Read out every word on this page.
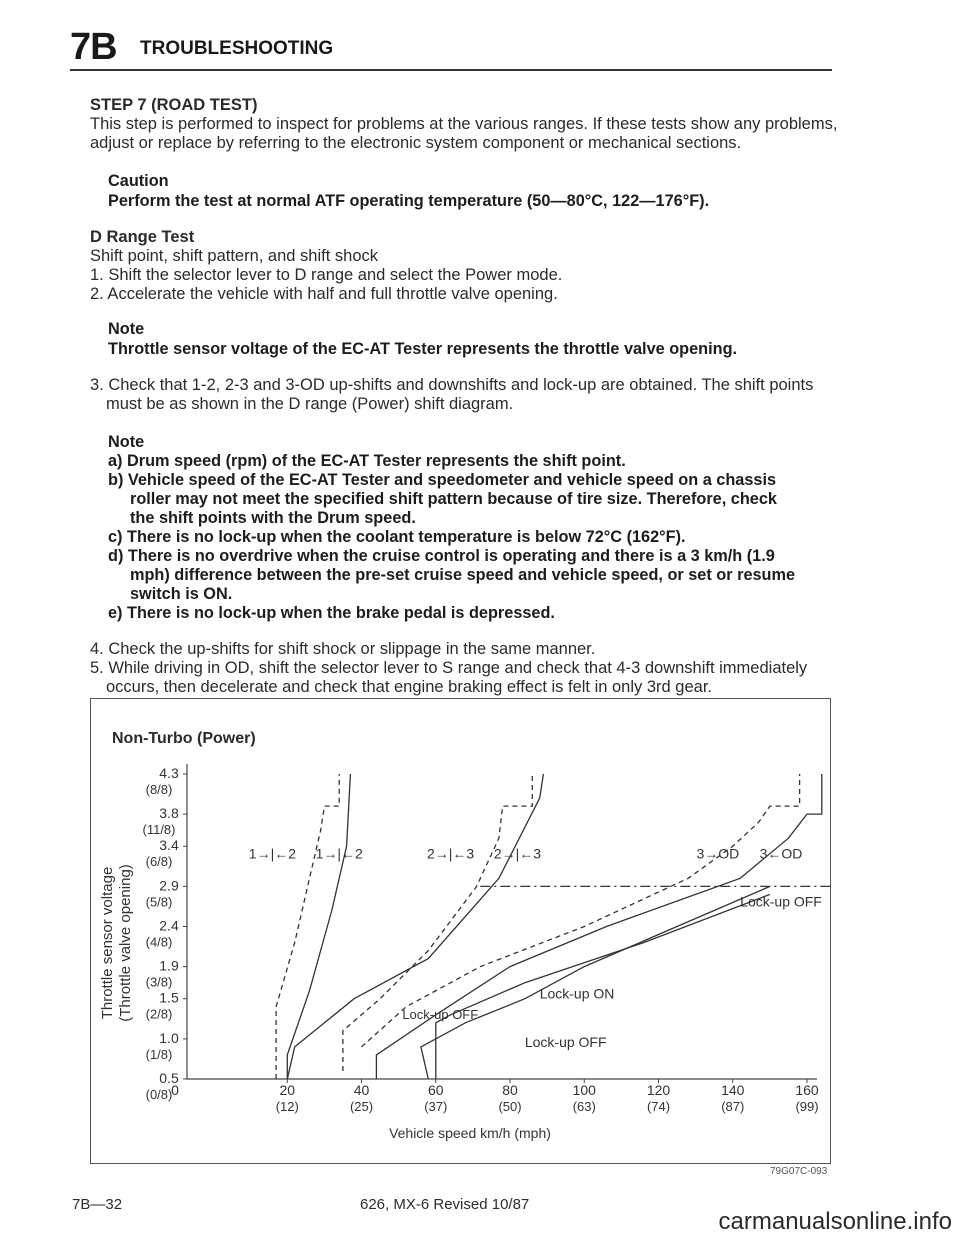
7B TROUBLESHOOTING
STEP 7 (ROAD TEST)
This step is performed to inspect for problems at the various ranges. If these tests show any problems,
adjust or replace by referring to the electronic system component or mechanical sections.
Caution
Perform the test at normal ATF operating temperature (50—80°C, 122—176°F).
D Range Test
Shift point, shift pattern, and shift shock
1. Shift the selector lever to D range and select the Power mode.
2. Accelerate the vehicle with half and full throttle valve opening.
Note
Throttle sensor voltage of the EC-AT Tester represents the throttle valve opening.
3. Check that 1-2, 2-3 and 3-OD up-shifts and downshifts and lock-up are obtained. The shift points
must be as shown in the D range (Power) shift diagram.
Note
a) Drum speed (rpm) of the EC-AT Tester represents the shift point.
b) Vehicle speed of the EC-AT Tester and speedometer and vehicle speed on a chassis
roller may not meet the specified shift pattern because of tire size. Therefore, check
the shift points with the Drum speed.
c) There is no lock-up when the coolant temperature is below 72°C (162°F).
d) There is no overdrive when the cruise control is operating and there is a 3 km/h (1.9
mph) difference between the pre-set cruise speed and vehicle speed, or set or resume
switch is ON.
e) There is no lock-up when the brake pedal is depressed.
4. Check the up-shifts for shift shock or slippage in the same manner.
5. While driving in OD, shift the selector lever to S range and check that 4-3 downshift immediately
occurs, then decelerate and check that engine braking effect is felt in only 3rd gear.
Non-Turbo (Power)
0.5
(0/8)
1.0
(1/8)
1.5
(2/8)
1.9
(3/8)
2.4
(4/8)
2.9
(5/8)
3.4
(6/8)
3.8
(11/8)
4.3
(8/8)
0	20
(12)
40
(25)
60
(37)
80
(50)
100
(63)
120
(74)
140
(87)
160
(99)
1→|←2 1→|←2	2→|←3 2→|←3	3→OD 3←OD
Lock-up OFF
Lock-up ON
Lock-up OFF
Lock-up OFF
Throttle sensor voltage (Throttle valve opening)
Vehicle speed km/h (mph)
79G07C-093
7B—32	626, MX-6 Revised 10/87
carmanualsonline.info
